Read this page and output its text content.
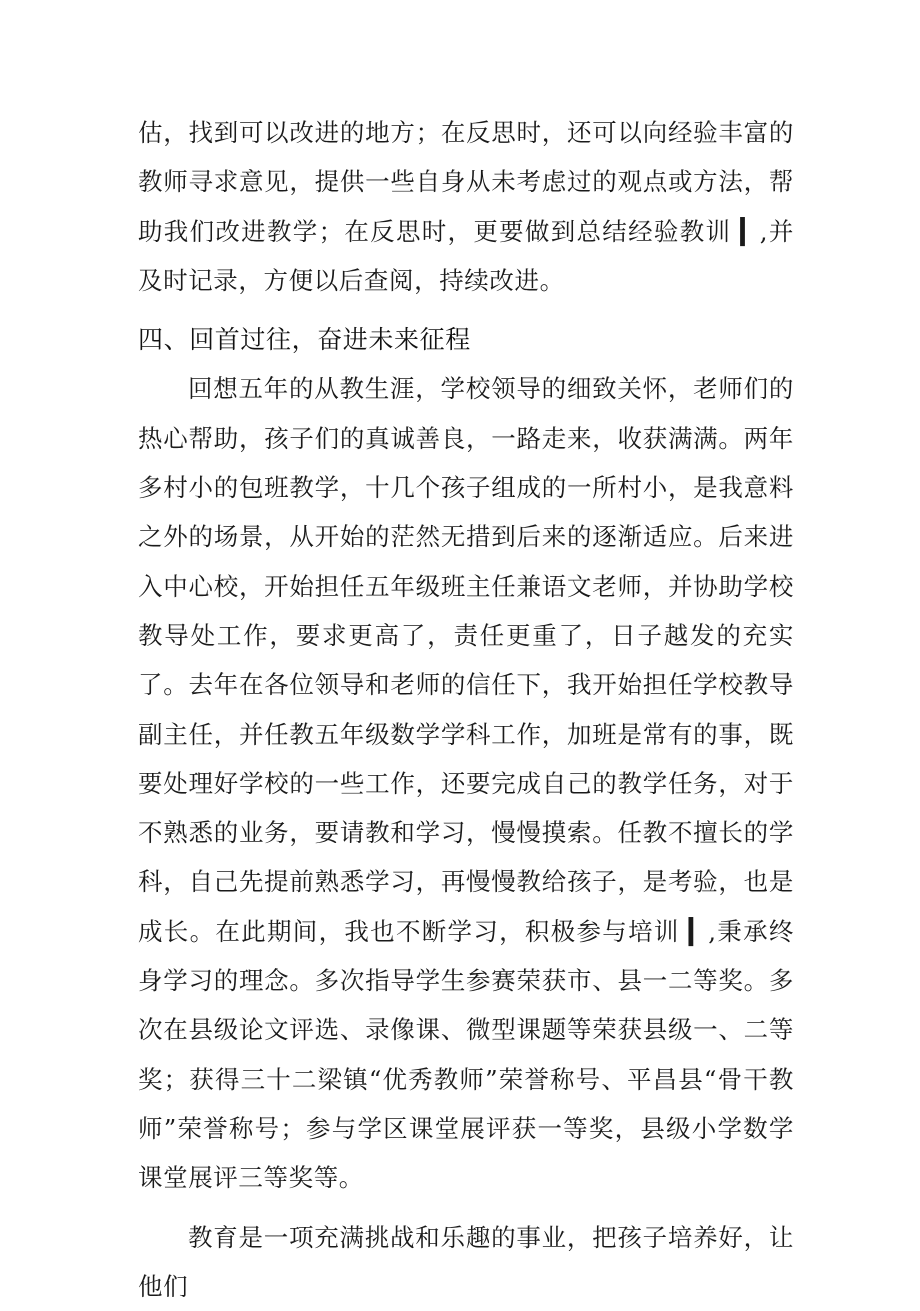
估，找到可以改进的地方；在反思时，还可以向经验丰富的教师寻求意见，提供一些自身从未考虑过的观点或方法，帮助我们改进教学；在反思时，更要做到总结经验教训 ▎,并及时记录，方便以后查阅，持续改进。

四、回首过往，奋进未来征程

回想五年的从教生涯，学校领导的细致关怀，老师们的热心帮助，孩子们的真诚善良，一路走来，收获满满。两年多村小的包班教学，十几个孩子组成的一所村小，是我意料之外的场景，从开始的茫然无措到后来的逐渐适应。后来进入中心校，开始担任五年级班主任兼语文老师，并协助学校教导处工作，要求更高了，责任更重了，日子越发的充实了。去年在各位领导和老师的信任下，我开始担任学校教导副主任，并任教五年级数学学科工作，加班是常有的事，既要处理好学校的一些工作，还要完成自己的教学任务，对于不熟悉的业务，要请教和学习，慢慢摸索。任教不擅长的学科，自己先提前熟悉学习，再慢慢教给孩子，是考验，也是成长。在此期间，我也不断学习，积极参与培训 ▎,秉承终身学习的理念。多次指导学生参赛荣获市、县一二等奖。多次在县级论文评选、录像课、微型课题等荣获县级一、二等奖；获得三十二梁镇“优秀教师”荣誉称号、平昌县“骨干教师”荣誉称号；参与学区课堂展评获一等奖，县级小学数学课堂展评三等奖等。

教育是一项充满挑战和乐趣的事业，把孩子培养好，让他们
